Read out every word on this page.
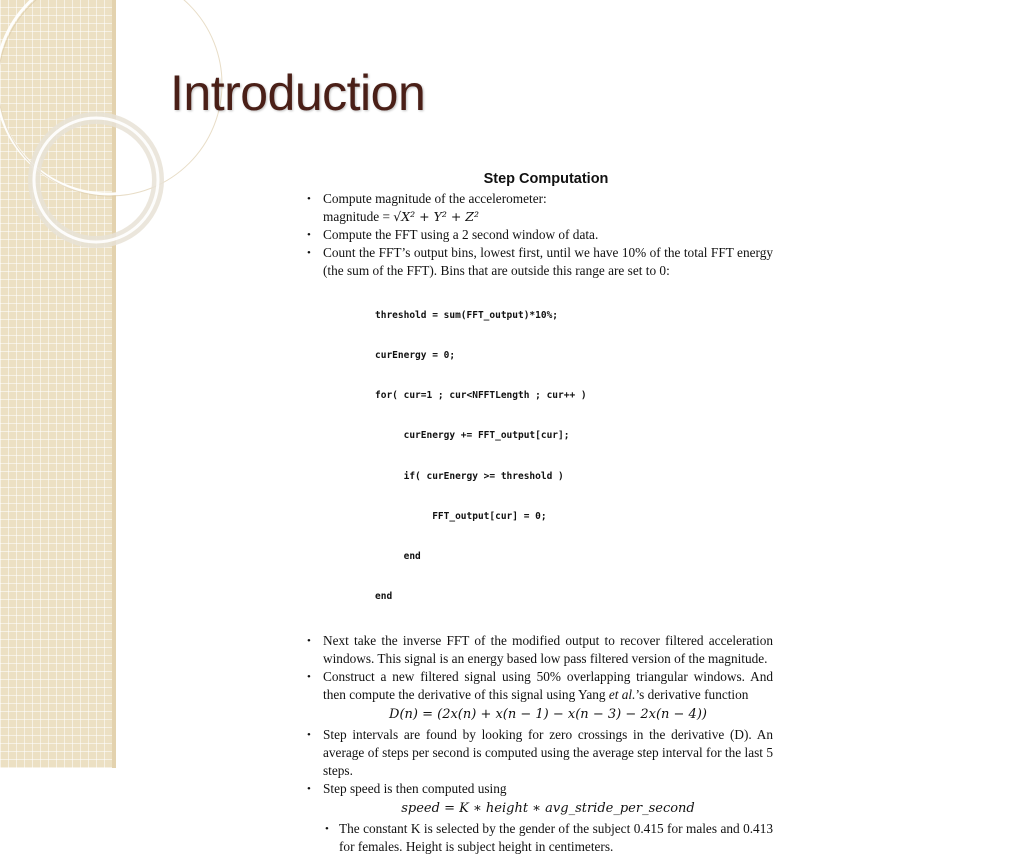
Introduction
Step Computation
• Compute magnitude of the accelerometer:
magnitude = √X² + Y² + Z²
• Compute the FFT using a 2 second window of data.
• Count the FFT’s output bins, lowest first, until we have 10% of the total FFT energy (the sum of the FFT). Bins that are outside this range are set to 0:

threshold = sum(FFT_output)*10%;

curEnergy = 0;

for( cur=1 ; cur<NFFTLength ; cur++ )

curEnergy += FFT_output[cur];

if( curEnergy >= threshold )

FFT_output[cur] = 0;

end

end

• Next take the inverse FFT of the modified output to recover filtered acceleration windows. This signal is an energy based low pass filtered version of the magnitude.
• Construct a new filtered signal using 50% overlapping triangular windows. And then compute the derivative of this signal using Yang et al.’s derivative function
D(n) = (2x(n) + x(n − 1) − x(n − 3) − 2x(n − 4))
• Step intervals are found by looking for zero crossings in the derivative (D). An average of steps per second is computed using the average step interval for the last 5 steps.
• Step speed is then computed using
speed = K ∗ height ∗ avg_stride_per_second
• The constant K is selected by the gender of the subject 0.415 for males and 0.413 for females. Height is subject height in centimeters.
